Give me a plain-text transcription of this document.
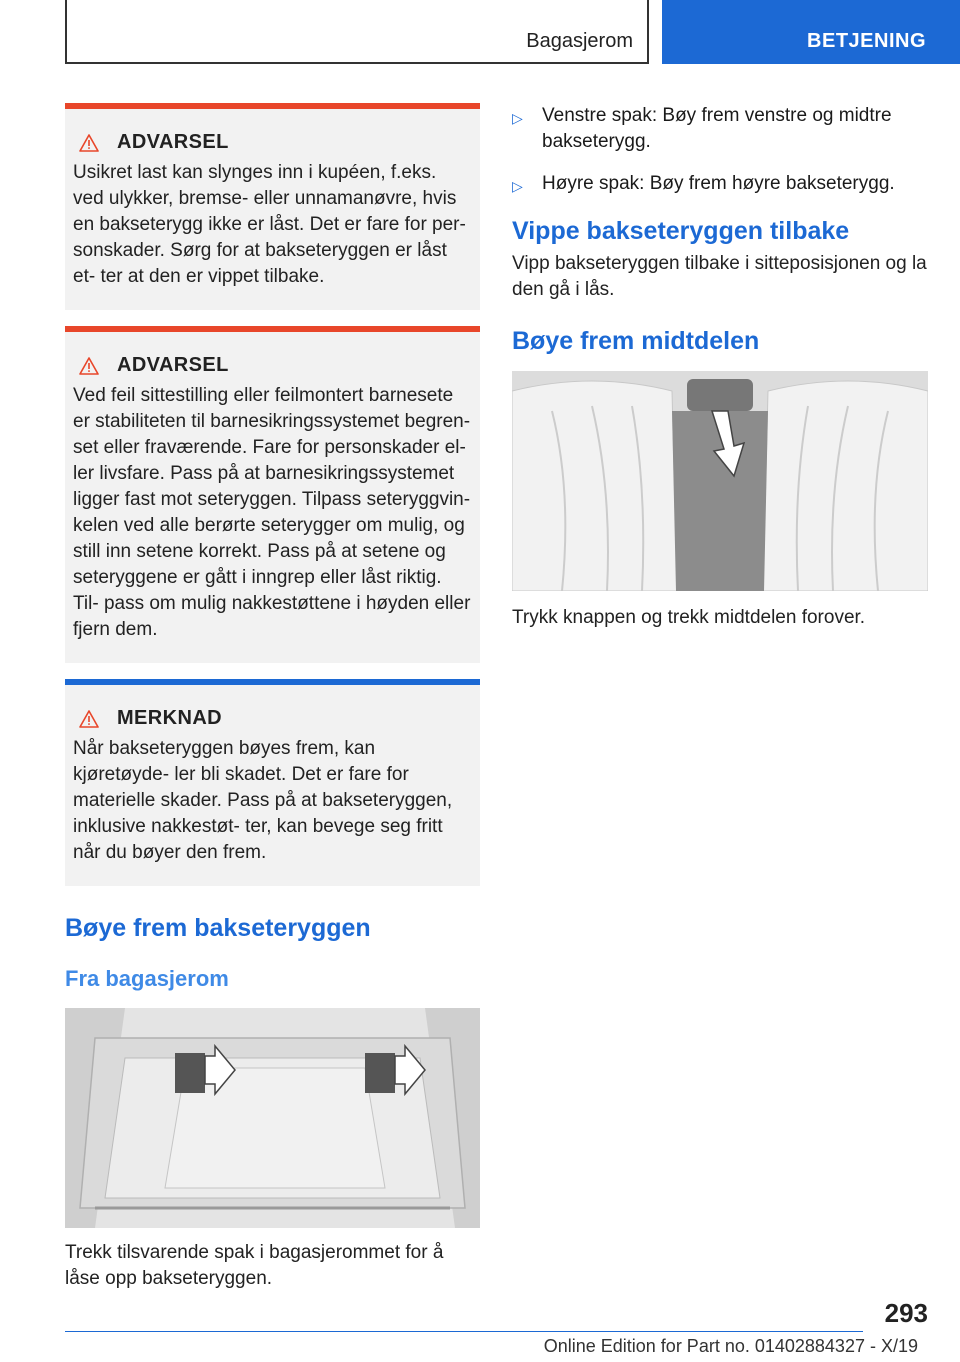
Bagasjerom	BETJENING
ADVARSEL
Usikret last kan slynges inn i kupéen, f.eks. ved ulykker, bremse- eller unnamanøvre, hvis en bakseterygg ikke er låst. Det er fare for per‐ sonskader. Sørg for at bakseteryggen er låst et‐ ter at den er vippet tilbake.
ADVARSEL
Ved feil sittestilling eller feilmontert barnesete er stabiliteten til barnesikringssystemet begren‐ set eller fraværende. Fare for personskader el‐ ler livsfare. Pass på at barnesikringssystemet ligger fast mot seteryggen. Tilpass seteryggvin‐ kelen ved alle berørte seterygger om mulig, og still inn setene korrekt. Pass på at setene og seteryggene er gått i inngrep eller låst riktig. Til‐ pass om mulig nakkestøttene i høyden eller fjern dem.
MERKNAD
Når bakseteryggen bøyes frem, kan kjøretøyde‐ ler bli skadet. Det er fare for materielle skader. Pass på at bakseteryggen, inklusive nakkestøt‐ ter, kan bevege seg fritt når du bøyer den frem.
Bøye frem bakseteryggen
Fra bagasjerom

Trekk tilsvarende spak i bagasjerommet for å låse opp bakseteryggen.

▷	Venstre spak: Bøy frem venstre og midtre bakseterygg.
▷	Høyre spak: Bøy frem høyre bakseterygg.
Vippe bakseteryggen tilbake

Vipp bakseteryggen tilbake i sitteposisjonen og la den gå i lås.

Bøye frem midtdelen

Trykk knappen og trekk midtdelen forover.

293
Online Edition for Part no. 01402884327 - X/19
